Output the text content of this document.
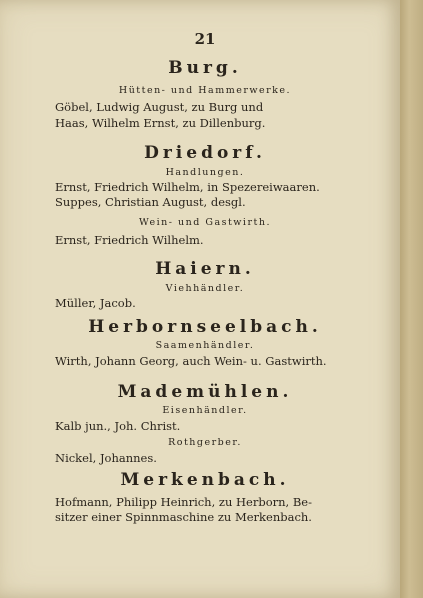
21
Burg.
Hütten- und Hammerwerke.
Göbel, Ludwig August, zu Burg und
Haas, Wilhelm Ernst, zu Dillenburg.
Driedorf.
Handlungen.
Ernst, Friedrich Wilhelm, in Spezereiwaaren.
Suppes, Christian August, desgl.
Wein- und Gastwirth.
Ernst, Friedrich Wilhelm.
Haiern.
Viehhändler.
Müller, Jacob.
Herbornseelbach.
Saamenhändler.
Wirth, Johann Georg, auch Wein- u. Gastwirth.
Mademühlen.
Eisenhändler.
Kalb jun., Joh. Christ.
Rothgerber.
Nickel, Johannes.
Merkenbach.
Hofmann, Philipp Heinrich, zu Herborn, Be-
sitzer einer Spinnmaschine zu Merkenbach.
